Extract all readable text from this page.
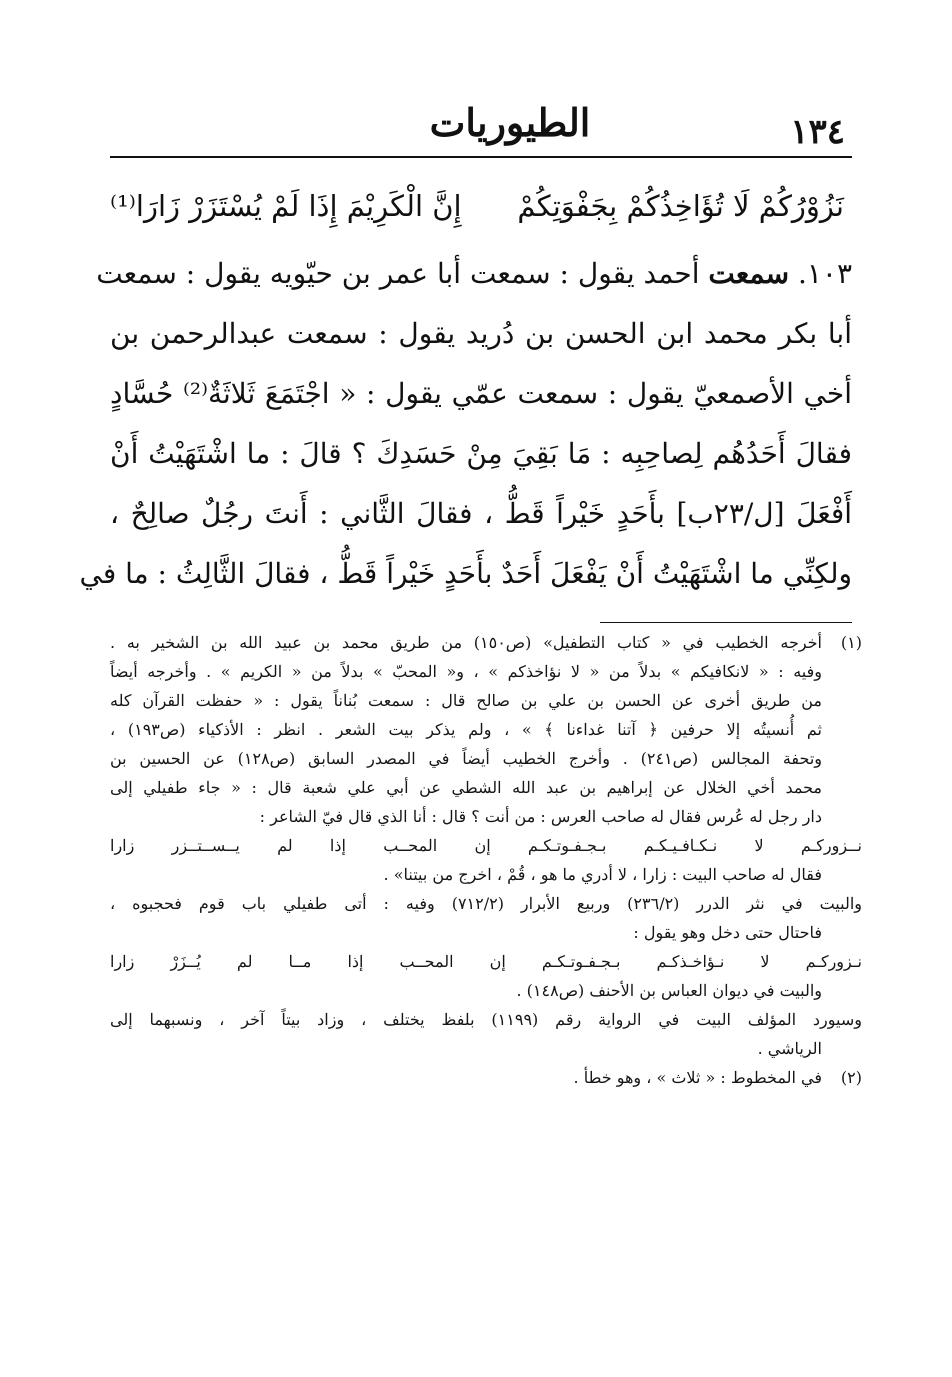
١٣٤
الطيوريات
نَزُوْرُكُمْ لَا تُؤَاخِذُكُمْ بِجَفْوَتِكُمْ
إِنَّ الْكَرِيْمَ إِذَا لَمْ يُسْتَزَرْ زَارَا⁽¹⁾
١٠٣. سمعت أحمد يقول : سمعت أبا عمر بن حيّويه يقول : سمعت
أبا بكر محمد ابن الحسن بن دُريد يقول : سمعت عبدالرحمن بن
أخي الأصمعيّ يقول : سمعت عمّي يقول : « اجْتَمَعَ ثَلاثَةٌ⁽²⁾ حُسَّادٍ
فقالَ أَحَدُهُم لِصاحِبِه : مَا بَقِيَ مِنْ حَسَدِكَ ؟ قالَ : ما اشْتَهَيْتُ أَنْ
أَفْعَلَ [ل/٢٣ب] بأَحَدٍ خَيْراً قَطُّ ، فقالَ الثَّاني : أَنتَ رجُلٌ صالِحٌ ،
ولكِنِّي ما اشْتَهَيْتُ أَنْ يَفْعَلَ أَحَدٌ بأَحَدٍ خَيْراً قَطُّ ، فقالَ الثَّالِثُ : ما في
(١)أخرجه الخطيب في « كتاب التطفيل» (ص١٥٠) من طريق محمد بن عبيد الله بن الشخير به .
وفيه : « لانكافيكم » بدلاً من « لا نؤاخذكم » ، و« المحبّ » بدلاً من « الكريم » . وأخرجه أيضاً
من طريق أخرى عن الحسن بن علي بن صالح قال : سمعت بُناناً يقول : « حفظت القرآن كله
ثم أُنسيتُه إلا حرفين ﴿ آتنا غداءنا ﴾ » ، ولم يذكر بيت الشعر . انظر : الأذكياء (ص١٩٣) ،
وتحفة المجالس (ص٢٤١) . وأخرج الخطيب أيضاً في المصدر السابق (ص١٢٨) عن الحسين بن
محمد أخي الخلال عن إبراهيم بن عبد الله الشطي عن أبي علي شعبة قال : « جاء طفيلي إلى
دار رجل له عُرس فقال له صاحب العرس : من أنت ؟ قال : أنا الذي قال فيّ الشاعر :
نــزوركـم لا نـكـافـيـكـم بـجـفـوتـكـم إن المحــب إذا لم يــســتــزر زارا
فقال له صاحب البيت : زارا ، لا أدري ما هو ، قُمْ ، اخرج من بيتنا» .
والبيت في نثر الدرر (٢٣٦/٢) وربيع الأبرار (٧١٢/٢) وفيه : أتى طفيلي باب قوم فحجبوه ،
فاحتال حتى دخل وهو يقول :
نـزوركـم لا نـؤاخـذكـم بـجـفـوتـكـم إن المحــب إذا مــا لم يُــزَرْ زارا
والبيت في ديوان العباس بن الأحنف (ص١٤٨) .
وسيورد المؤلف البيت في الرواية رقم (١١٩٩) بلفظ يختلف ، وزاد بيتاً آخر ، ونسبهما إلى
الرياشي .
(٢)في المخطوط : « ثلاث » ، وهو خطأ .
